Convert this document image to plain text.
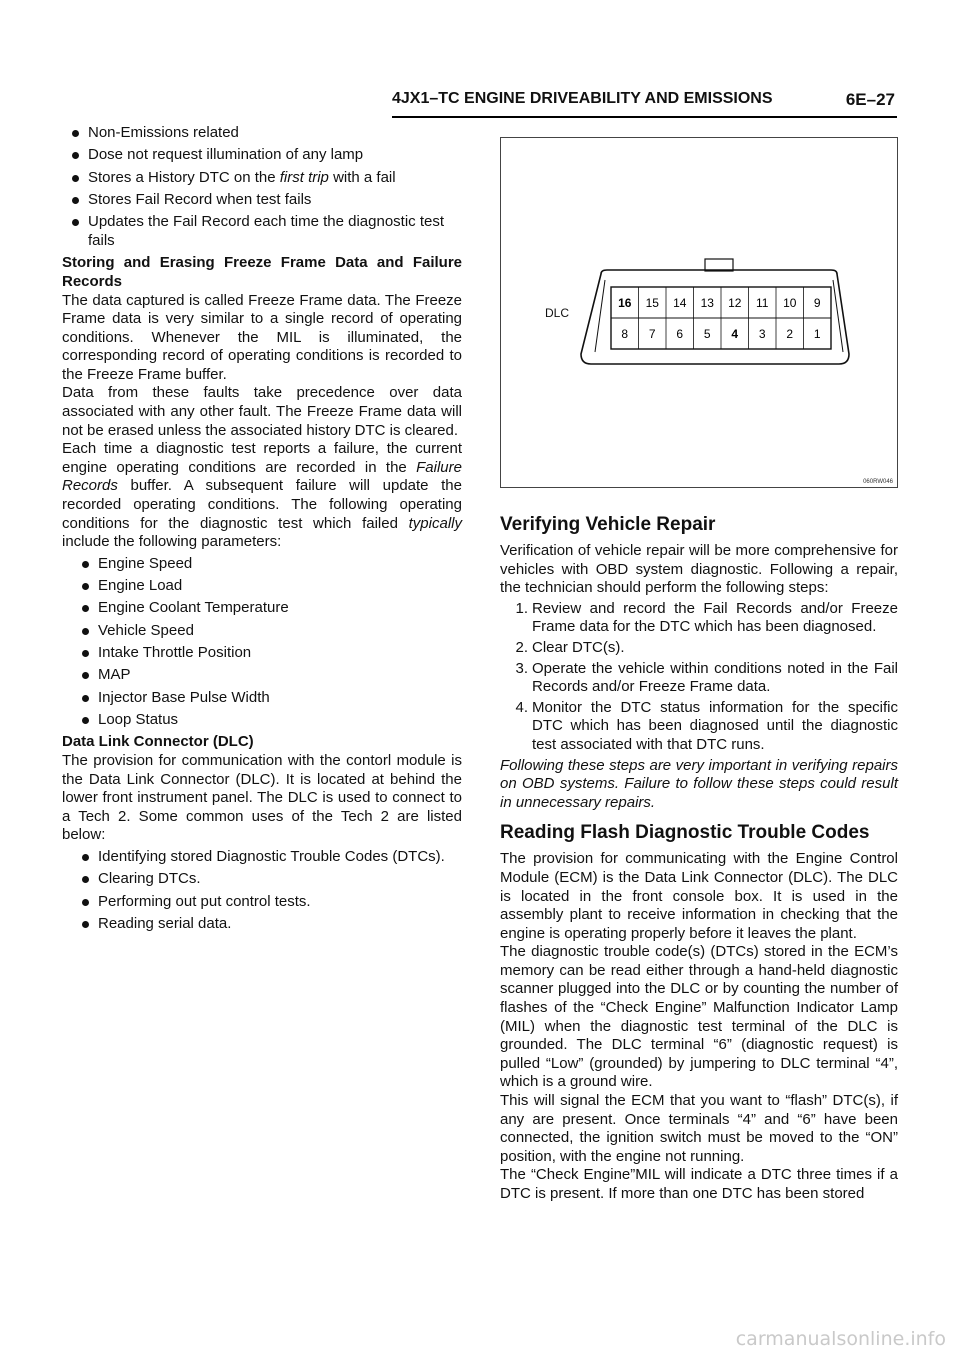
4JX1–TC ENGINE DRIVEABILITY AND EMISSIONS	6E–27
Non-Emissions related
Dose not request illumination of any lamp
Stores a History DTC on the first trip with a fail
Stores Fail Record when test fails
Updates the Fail Record each time the diagnostic test fails

Storing and Erasing Freeze Frame Data and Failure Records

The data captured is called Freeze Frame data. The Freeze Frame data is very similar to a single record of operating conditions. Whenever the MIL is illuminated, the corresponding record of operating conditions is recorded to the Freeze Frame buffer.

Data from these faults take precedence over data associated with any other fault. The Freeze Frame data will not be erased unless the associated history DTC is cleared.

Each time a diagnostic test reports a failure, the current engine operating conditions are recorded in the Failure Records buffer. A subsequent failure will update the recorded operating conditions. The following operating conditions for the diagnostic test which failed typically include the following parameters:

Engine Speed
Engine Load
Engine Coolant Temperature
Vehicle Speed
Intake Throttle Position
MAP
Injector Base Pulse Width
Loop Status

Data Link Connector (DLC)

The provision for communication with the contorl module is the Data Link Connector (DLC). It is located at behind the lower front instrument panel. The DLC is used to connect to a Tech 2. Some common uses of the Tech 2 are listed below:

Identifying stored Diagnostic Trouble Codes (DTCs).
Clearing DTCs.
Performing out put control tests.
Reading serial data.
DLC
16 15 14 13 12 11 10 9
8 7 6 5 4 3 2 1
060RW046

Verifying Vehicle Repair

Verification of vehicle repair will be more comprehensive for vehicles with OBD system diagnostic. Following a repair, the technician should perform the following steps:

1. Review and record the Fail Records and/or Freeze Frame data for the DTC which has been diagnosed.
2. Clear DTC(s).
3. Operate the vehicle within conditions noted in the Fail Records and/or Freeze Frame data.
4. Monitor the DTC status information for the specific DTC which has been diagnosed until the diagnostic test associated with that DTC runs.

Following these steps are very important in verifying repairs on OBD systems. Failure to follow these steps could result in unnecessary repairs.

Reading Flash Diagnostic Trouble Codes

The provision for communicating with the Engine Control Module (ECM) is the Data Link Connector (DLC). The DLC is located in the front console box. It is used in the assembly plant to receive information in checking that the engine is operating properly before it leaves the plant.

The diagnostic trouble code(s) (DTCs) stored in the ECM’s memory can be read either through a hand-held diagnostic scanner plugged into the DLC or by counting the number of flashes of the “Check Engine” Malfunction Indicator Lamp (MIL) when the diagnostic test terminal of the DLC is grounded. The DLC terminal “6” (diagnostic request) is pulled “Low” (grounded) by jumpering to DLC terminal “4”, which is a ground wire.

This will signal the ECM that you want to “flash” DTC(s), if any are present. Once terminals “4” and “6” have been connected, the ignition switch must be moved to the “ON” position, with the engine not running.

The “Check Engine”MIL will indicate a DTC three times if a DTC is present. If more than one DTC has been stored

carmanualsonline.info
